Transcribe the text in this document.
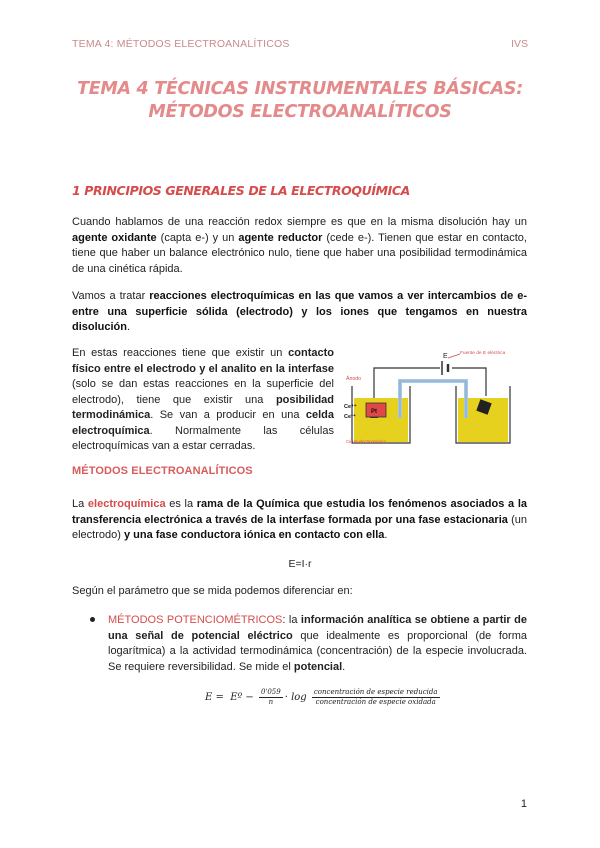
TEMA 4: MÉTODOS ELECTROANALÍTICOS	IVS
TEMA 4 TÉCNICAS INSTRUMENTALES BÁSICAS:
MÉTODOS ELECTROANALÍTICOS
1 PRINCIPIOS GENERALES DE LA ELECTROQUÍMICA
Cuando hablamos de una reacción redox siempre es que en la misma disolución hay un agente oxidante (capta e-) y un agente reductor (cede e-). Tienen que estar en contacto, tiene que haber un balance electrónico nulo, tiene que haber una posibilidad termodinámica de una cinética rápida.
Vamos a tratar reacciones electroquímicas en las que vamos a ver intercambios de e- entre una superficie sólida (electrodo) y los iones que tengamos en nuestra disolución.
En estas reacciones tiene que existir un contacto físico entre el electrodo y el analito en la interfase (solo se dan estas reacciones en la superficie del electrodo), tiene que existir una posibilidad termodinámica. Se van a producir en una celda electroquímica. Normalmente las células electroquímicas van a estar cerradas.
E	Fuente de E eléctrica
Pt
Ánodo
Ce⁴⁺
Ce³⁺
Célula electroquímica
MÉTODOS ELECTROANALÍTICOS
La electroquímica es la rama de la Química que estudia los fenómenos asociados a la transferencia electrónica a través de la interfase formada por una fase estacionaria (un electrodo) y una fase conductora iónica en contacto con ella.
E=I·r
Según el parámetro que se mida podemos diferenciar en:
MÉTODOS POTENCIOMÉTRICOS: la información analítica se obtiene a partir de una señal de potencial eléctrico que idealmente es proporcional (de forma logarítmica) a la actividad termodinámica (concentración) de la especie involucrada. Se requiere reversibilidad. Se mide el potencial.
E = Eº − $\frac{0'059}{n} \cdot \log \frac{\text{concentración de especie reducida}}{\text{concentración de especie oxidada}}$
1
